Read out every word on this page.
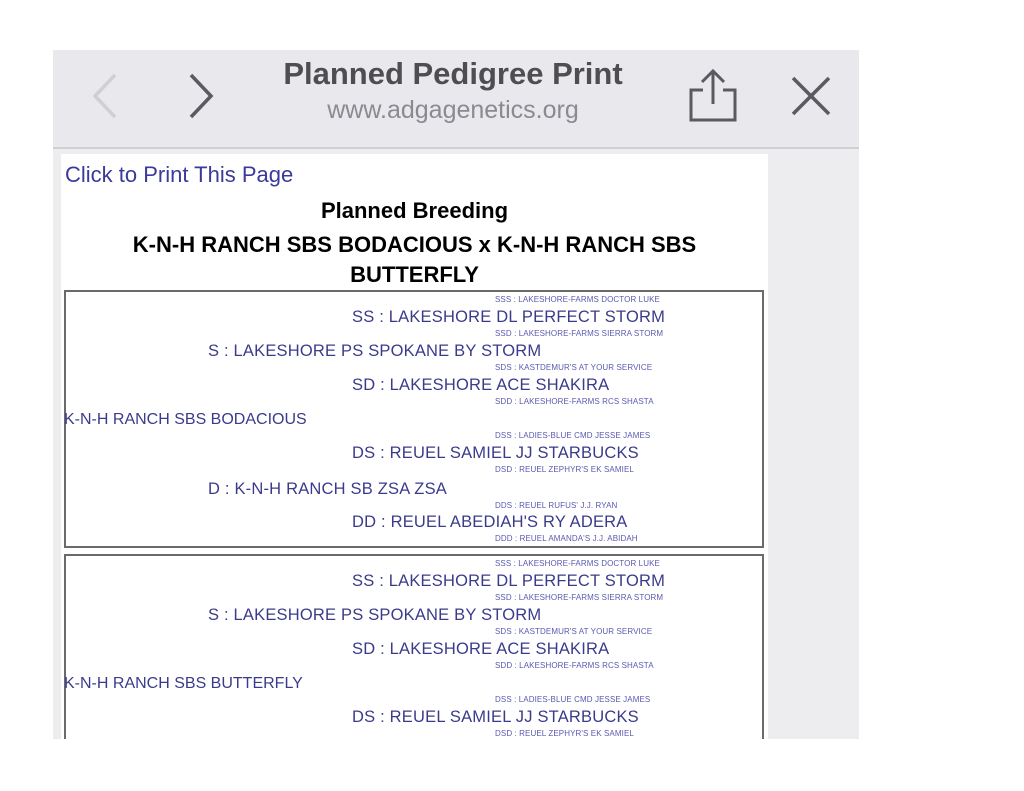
Planned Pedigree Print
www.adgagenetics.org
Click to Print This Page
Planned Breeding
K-N-H RANCH SBS BODACIOUS x K-N-H RANCH SBS
BUTTERFLY
SSS : LAKESHORE-FARMS DOCTOR LUKE
SS : LAKESHORE DL PERFECT STORM
SSD : LAKESHORE-FARMS SIERRA STORM
S : LAKESHORE PS SPOKANE BY STORM
SDS : KASTDEMUR'S AT YOUR SERVICE
SD : LAKESHORE ACE SHAKIRA
SDD : LAKESHORE-FARMS RCS SHASTA
K-N-H RANCH SBS BODACIOUS
DSS : LADIES-BLUE CMD JESSE JAMES
DS : REUEL SAMIEL JJ STARBUCKS
DSD : REUEL ZEPHYR'S EK SAMIEL
D : K-N-H RANCH SB ZSA ZSA
DDS : REUEL RUFUS' J.J. RYAN
DD : REUEL ABEDIAH'S RY ADERA
DDD : REUEL AMANDA'S J.J. ABIDAH
SSS : LAKESHORE-FARMS DOCTOR LUKE
SS : LAKESHORE DL PERFECT STORM
SSD : LAKESHORE-FARMS SIERRA STORM
S : LAKESHORE PS SPOKANE BY STORM
SDS : KASTDEMUR'S AT YOUR SERVICE
SD : LAKESHORE ACE SHAKIRA
SDD : LAKESHORE-FARMS RCS SHASTA
K-N-H RANCH SBS BUTTERFLY
DSS : LADIES-BLUE CMD JESSE JAMES
DS : REUEL SAMIEL JJ STARBUCKS
DSD : REUEL ZEPHYR'S EK SAMIEL
